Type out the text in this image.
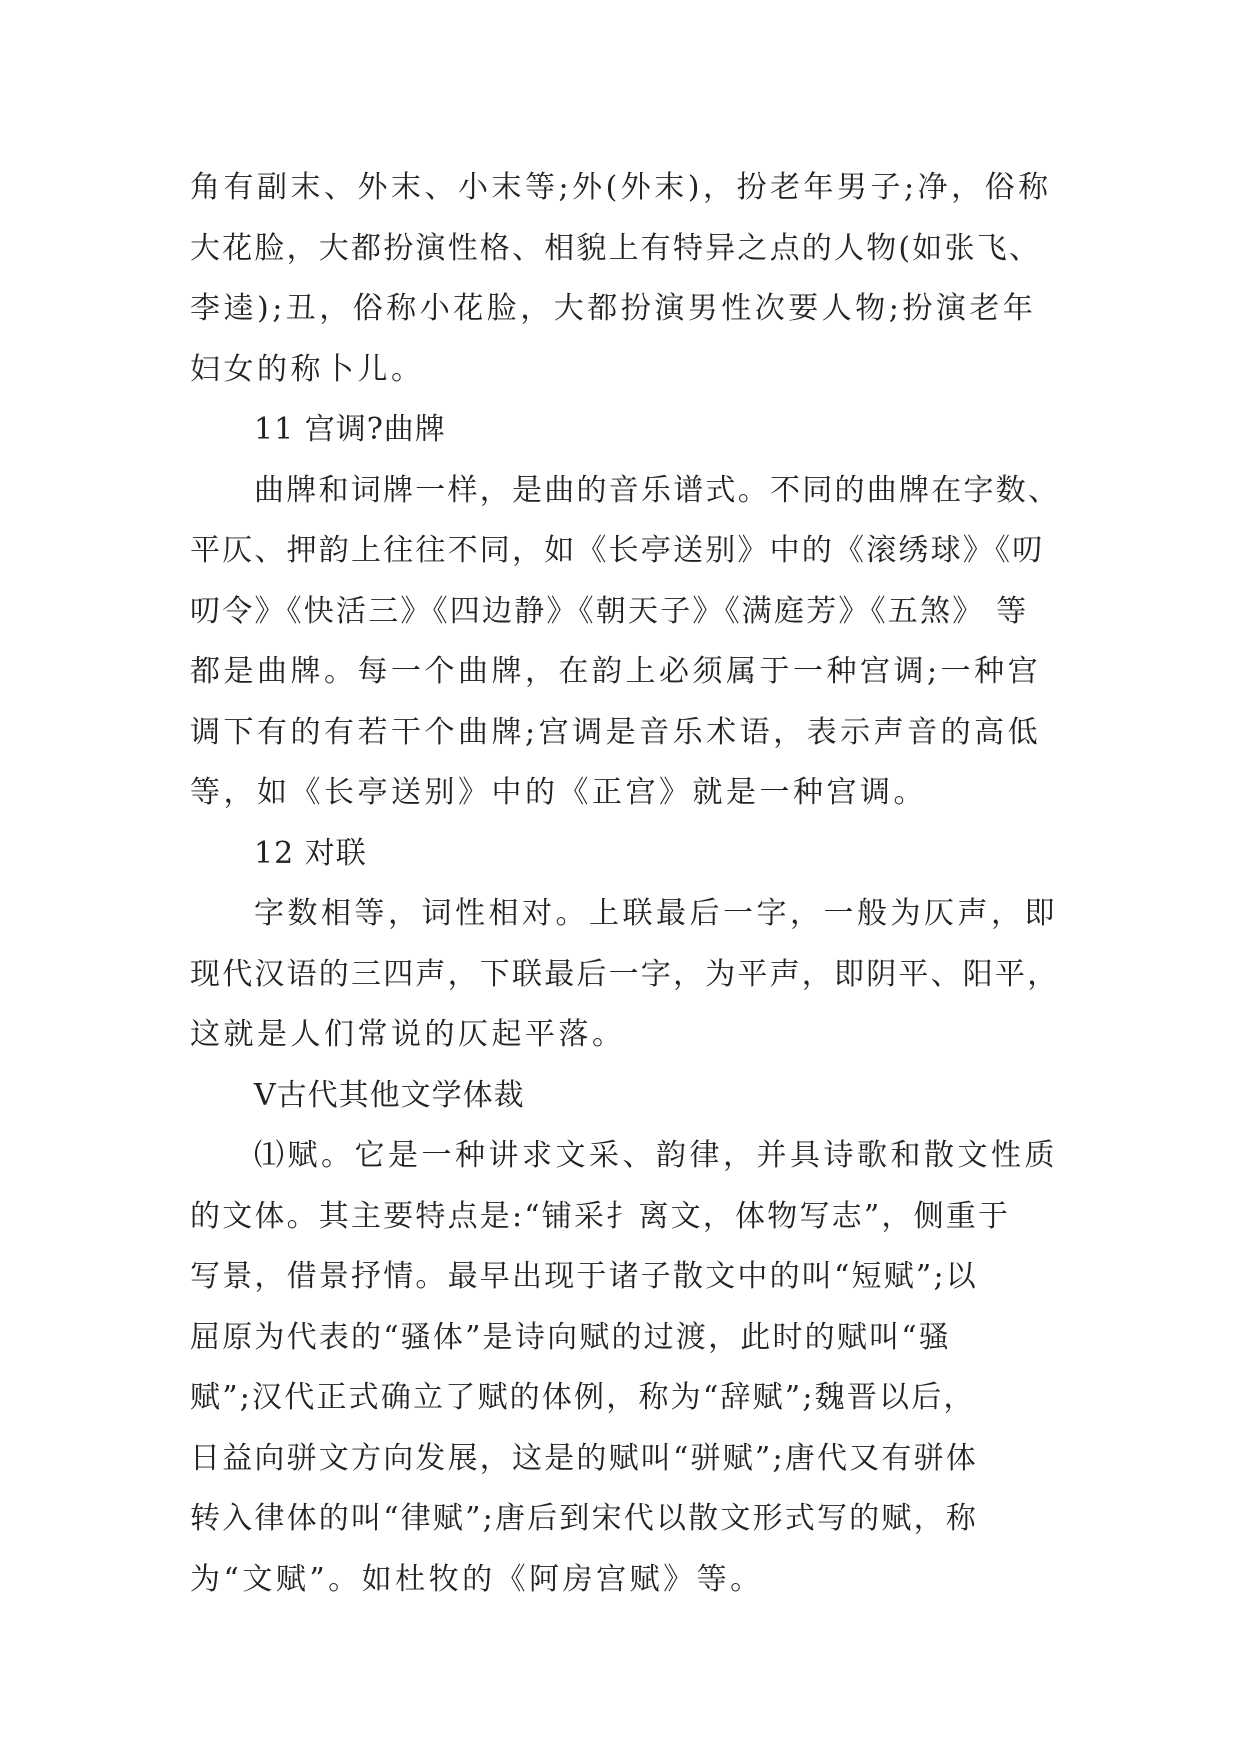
角有副末、外末、小末等;外(外末)，扮老年男子;净，俗称
大花脸，大都扮演性格、相貌上有特异之点的人物(如张飞、
李逵);丑，俗称小花脸，大都扮演男性次要人物;扮演老年
妇女的称卜儿。
11 宫调?曲牌
曲牌和词牌一样，是曲的音乐谱式。不同的曲牌在字数、
平仄、押韵上往往不同，如《长亭送别》中的《滚绣球》《叨
叨令》《快活三》《四边静》《朝天子》《满庭芳》《五煞》 等
都是曲牌。每一个曲牌，在韵上必须属于一种宫调;一种宫
调下有的有若干个曲牌;宫调是音乐术语，表示声音的高低
等，如《长亭送别》中的《正宫》就是一种宫调。
12 对联
字数相等，词性相对。上联最后一字，一般为仄声，即
现代汉语的三四声，下联最后一字，为平声，即阴平、阳平，
这就是人们常说的仄起平落。
Ⅴ古代其他文学体裁
⑴赋。它是一种讲求文采、韵律，并具诗歌和散文性质
的文体。其主要特点是:“铺采扌离文，体物写志”，侧重于
写景，借景抒情。最早出现于诸子散文中的叫“短赋”;以
屈原为代表的“骚体”是诗向赋的过渡，此时的赋叫“骚
赋”;汉代正式确立了赋的体例，称为“辞赋”;魏晋以后，
日益向骈文方向发展，这是的赋叫“骈赋”;唐代又有骈体
转入律体的叫“律赋”;唐后到宋代以散文形式写的赋，称
为“文赋”。如杜牧的《阿房宫赋》等。
